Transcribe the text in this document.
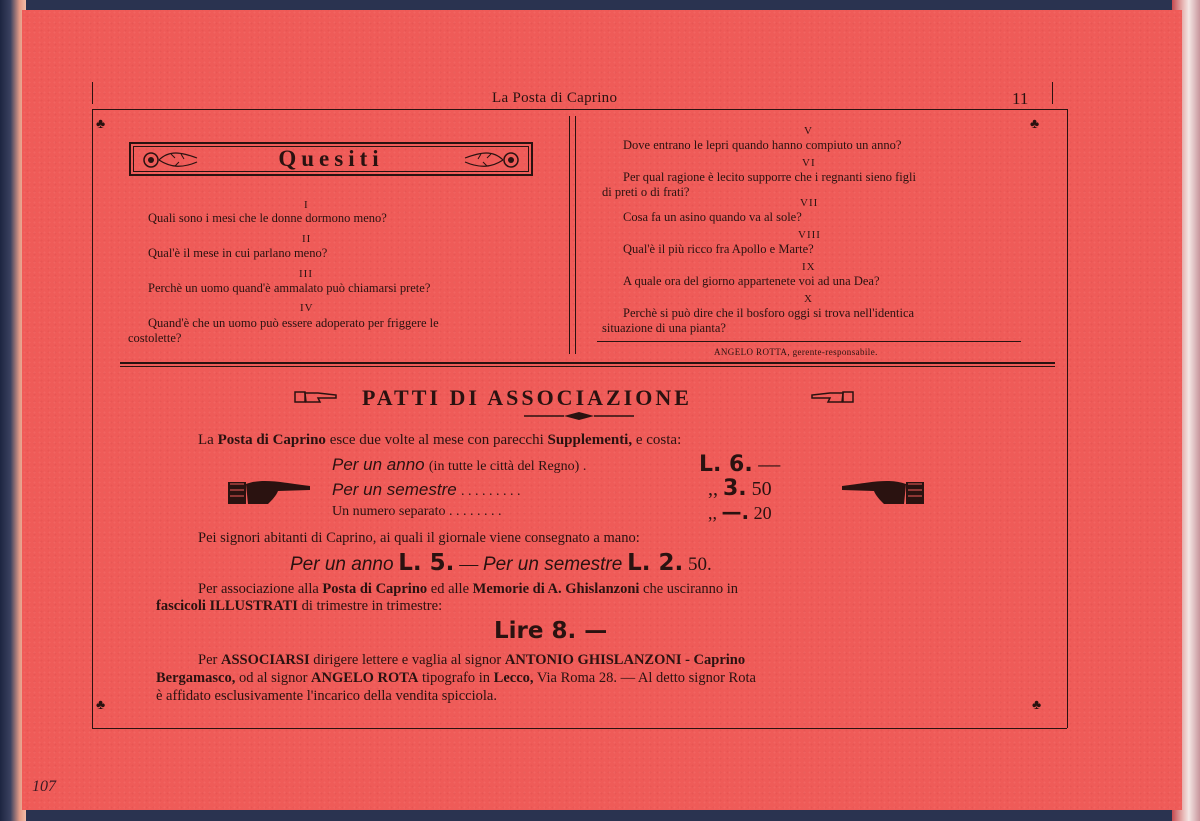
La Posta di Caprino	11
♣	♣
♣	♣
Quesiti
I
Quali sono i mesi che le donne dormono meno?
II
Qual'è il mese in cui parlano meno?
III
Perchè un uomo quand'è ammalato può chiamarsi prete?
IV
Quand'è che un uomo può essere adoperato per friggere le
costolette?
V
Dove entrano le lepri quando hanno compiuto un anno?
VI
Per qual ragione è lecito supporre che i regnanti sieno figli
di preti o di frati?
VII
Cosa fa un asino quando va al sole?
VIII
Qual'è il più ricco fra Apollo e Marte?
IX
A quale ora del giorno appartenete voi ad una Dea?
X
Perchè si può dire che il bosforo oggi si trova nell'identica
situazione di una pianta?
ANGELO ROTTA, gerente-responsabile.
PATTI DI ASSOCIAZIONE
La Posta di Caprino esce due volte al mese con parecchi Supplementi, e costa:
Per un anno (in tutte le città del Regno) .	L. 6. —
Per un semestre . . . . . . . . .	,, 3. 50
Un numero separato . . . . . . . .	,, —. 20
Pei signori abitanti di Caprino, ai quali il giornale viene consegnato a mano:
Per un anno L. 5. — Per un semestre L. 2. 50.
Per associazione alla Posta di Caprino ed alle Memorie di A. Ghislanzoni che usciranno in
fascicoli ILLUSTRATI di trimestre in trimestre:
Lire 8. —
Per ASSOCIARSI dirigere lettere e vaglia al signor ANTONIO GHISLANZONI - Caprino
Bergamasco, od al signor ANGELO ROTA tipografo in Lecco, Via Roma 28. — Al detto signor Rota
è affidato esclusivamente l'incarico della vendita spicciola.
107
